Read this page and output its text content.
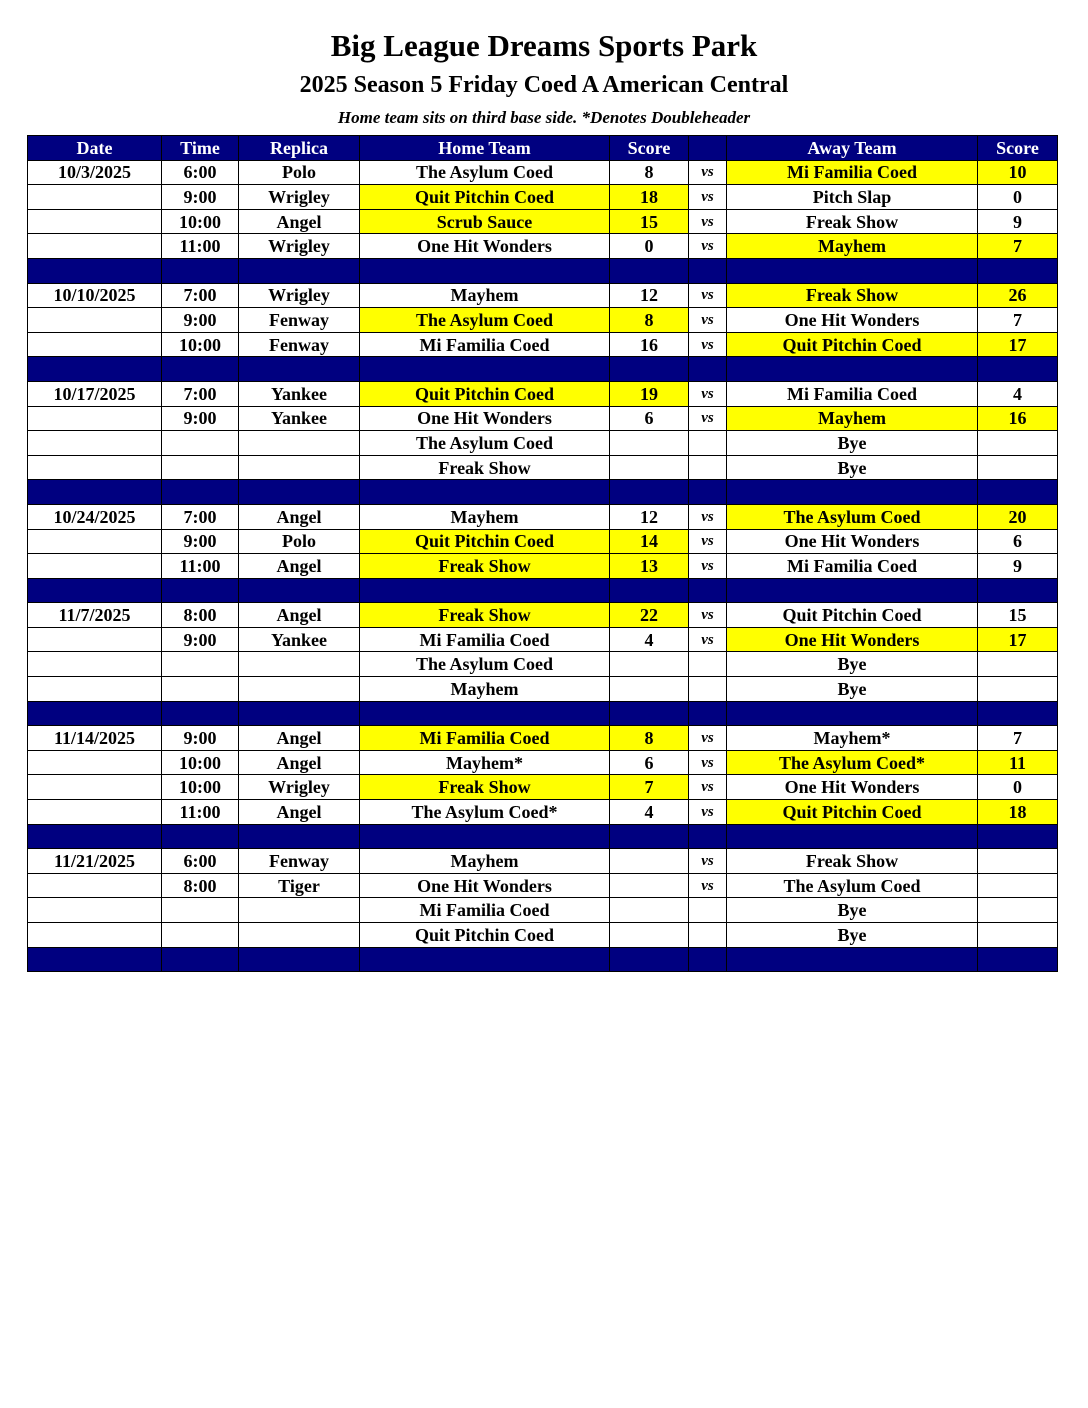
Big League Dreams Sports Park
2025 Season 5 Friday Coed A American Central
Home team sits on third base side. *Denotes Doubleheader
Date	Time	Replica	Home Team	Score		Away Team	Score
10/3/2025	6:00	Polo	The Asylum Coed	8	vs	Mi Familia Coed	10
	9:00	Wrigley	Quit Pitchin Coed	18	vs	Pitch Slap	0
	10:00	Angel	Scrub Sauce	15	vs	Freak Show	9
	11:00	Wrigley	One Hit Wonders	0	vs	Mayhem	7

10/10/2025	7:00	Wrigley	Mayhem	12	vs	Freak Show	26
	9:00	Fenway	The Asylum Coed	8	vs	One Hit Wonders	7
	10:00	Fenway	Mi Familia Coed	16	vs	Quit Pitchin Coed	17

10/17/2025	7:00	Yankee	Quit Pitchin Coed	19	vs	Mi Familia Coed	4
	9:00	Yankee	One Hit Wonders	6	vs	Mayhem	16
			The Asylum Coed			Bye	
			Freak Show			Bye	

10/24/2025	7:00	Angel	Mayhem	12	vs	The Asylum Coed	20
	9:00	Polo	Quit Pitchin Coed	14	vs	One Hit Wonders	6
	11:00	Angel	Freak Show	13	vs	Mi Familia Coed	9

11/7/2025	8:00	Angel	Freak Show	22	vs	Quit Pitchin Coed	15
	9:00	Yankee	Mi Familia Coed	4	vs	One Hit Wonders	17
			The Asylum Coed			Bye	
			Mayhem			Bye	

11/14/2025	9:00	Angel	Mi Familia Coed	8	vs	Mayhem*	7
	10:00	Angel	Mayhem*	6	vs	The Asylum Coed*	11
	10:00	Wrigley	Freak Show	7	vs	One Hit Wonders	0
	11:00	Angel	The Asylum Coed*	4	vs	Quit Pitchin Coed	18

11/21/2025	6:00	Fenway	Mayhem		vs	Freak Show	
	8:00	Tiger	One Hit Wonders		vs	The Asylum Coed	
			Mi Familia Coed			Bye	
			Quit Pitchin Coed			Bye	
